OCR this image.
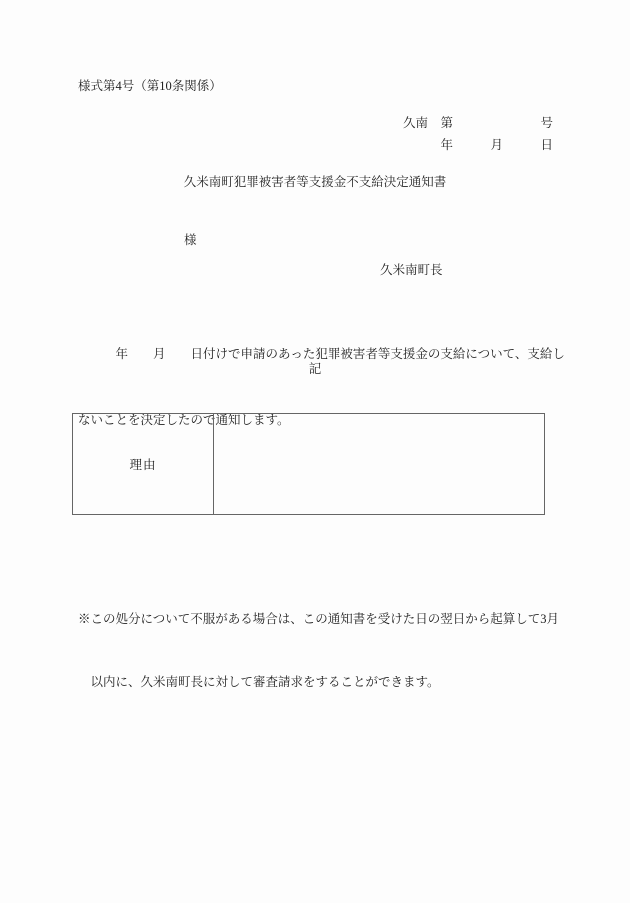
様式第4号（第10条関係）
久南　第　　　　　　　号
年　　　月　　　日
久米南町犯罪被害者等支援金不支給決定通知書
様
久米南町長

　　　年　　月　　日付けで申請のあった犯罪被害者等支援金の支給について、支給し

ないことを決定したので通知します。

記
理由

※この処分について不服がある場合は、この通知書を受けた日の翌日から起算して3月

　以内に、久米南町長に対して審査請求をすることができます。
